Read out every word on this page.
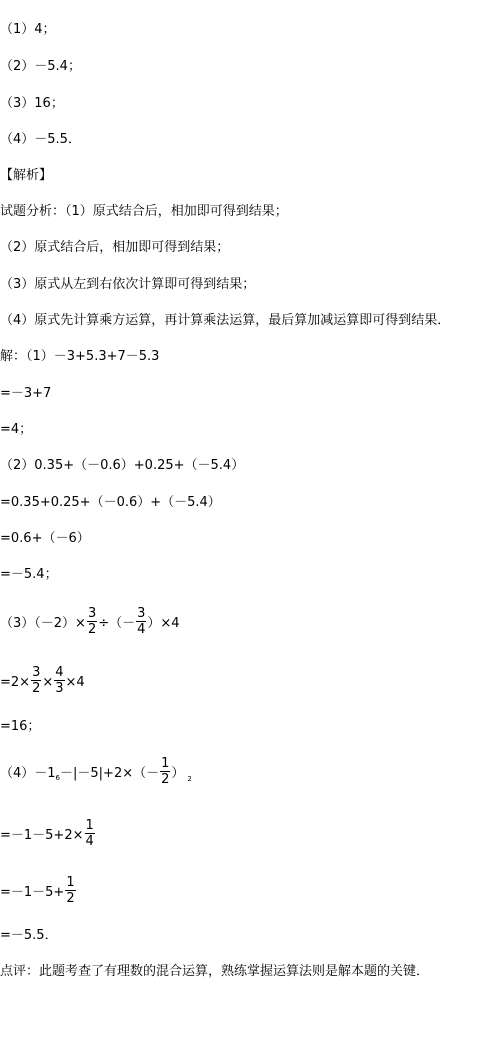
（1）4；
（2）－5.4；
（3）16；
（4）－5.5．
【解析】
试题分析：（1）原式结合后，相加即可得到结果；
（2）原式结合后，相加即可得到结果；
（3）原式从左到右依次计算即可得到结果；
（4）原式先计算乘方运算，再计算乘法运算，最后算加减运算即可得到结果．
解：（1）－3+5.3+7－5.3
=－3+7
=4；
（2）0.35+（－0.6）+0.25+（－5.4）
=0.35+0.25+（－0.6）+（－5.4）
=0.6+（－6）
=－5.4；
$(3)(-2)\times \frac{3}{2}$ ÷（－ $\frac{3}{4} )\times 4$
$=2\times \frac{3}{2} \times \frac{4}{3} \times 4$
=16；
$(4)-1_6-|-5|+2\times(- \frac{1}{2}$ ） $_2$
$=-1-5+2\times \frac{1}{4}$
$=-1-5+ \frac{1}{2}$
=－5.5．
点评：此题考查了有理数的混合运算，熟练掌握运算法则是解本题的关键．
